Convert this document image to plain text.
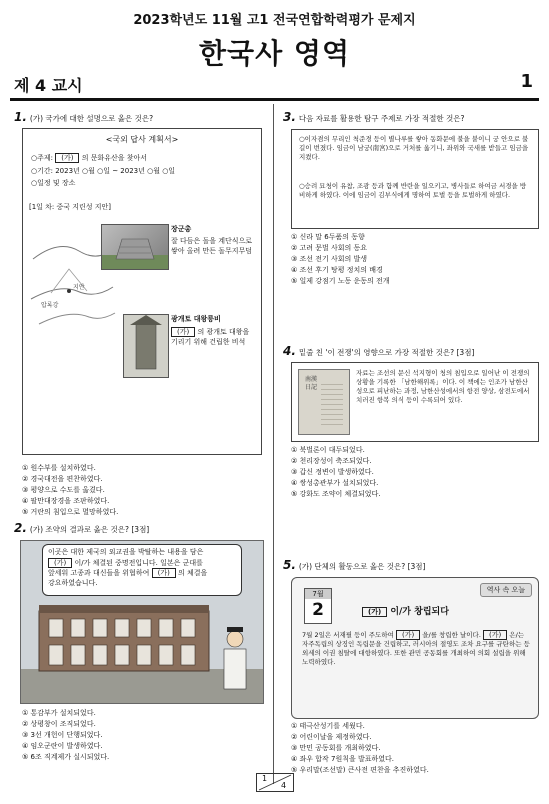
2023학년도 11월 고1 전국연합학력평가 문제지
한국사 영역
제 4 교시	1
1. (가) 국가에 대한 설명으로 옳은 것은?
<국외 답사 계획서>
○주제: (가) 의 문화유산을 찾아서
○기간: 2023년 ○월 ○일 ~ 2023년 ○월 ○일
○일정 및 장소
[1일 차: 중국 지린성 지안]
압록강
지안
장군총
잘 다듬은 돌을 계단식으로 쌓아 올려 만든 돌무지무덤
광개토 대왕릉비
(가) 의 광개토 대왕을 기리기 위해 건립한 비석
① 원수부를 설치하였다.
② 경국대전을 편찬하였다.
③ 평양으로 수도를 옮겼다.
④ 팔만대장경을 조판하였다.
⑤ 거란의 침입으로 멸망하였다.
2. (가) 조약의 결과로 옳은 것은? [3점]
이곳은 대한 제국의 외교권을 박탈하는 내용을 담은
(가) 이/가 체결된 중명전입니다. 일본은 군대를
앞세워 고종과 대신들을 위협하여 (가) 의 체결을
강요하였습니다.
① 통감부가 설치되었다.
② 상평창이 조직되었다.
③ 3선 개헌이 단행되었다.
④ 임오군란이 발생하였다.
⑤ 6조 직계제가 실시되었다.
3. 다음 자료를 활용한 탐구 주제로 가장 적절한 것은?
○이자겸의 무리인 척준경 등이 별나루를 쌓아 동화문에 불을 붙이니 궁 안으로 불길이 번졌다. 임금이 남궁(南宮)으로 거처를 옮기니, 좌위와 국새를 받들고 임금을 지켰다.
○승려 묘청이 유참, 조광 등과 함께 반란을 일으키고, 병사들로 하여금 서경을 방비하게 하였다. 이에 임금이 김부식에게 명하여 토벌 등을 토벌하게 하였다.
① 신라 말 6두품의 동향
② 고려 문벌 사회의 동요
③ 조선 전기 사회의 발생
④ 조선 후기 탕평 정치의 배경
⑤ 일제 강점기 노동 운동의 전개
4. 밑줄 친 '이 전쟁'의 영향으로 가장 적절한 것은? [3점]
南漢日記
자료는 조선의 문신 석지형이 청의 침입으로 일어난 이 전쟁의 상황을 기록한 「남한해위록」이다. 이 책에는 인조가 남한산성으로 피난하는 과정, 남한산성에서의 항전 양상, 삼전도에서 치러진 항복 의식 등이 수록되어 있다.
① 북벌론이 대두되었다.
② 천리장성이 축조되었다.
③ 갑신 정변이 발생하였다.
④ 쌍성총관부가 설치되었다.
⑤ 강화도 조약이 체결되었다.
5. (가) 단체의 활동으로 옳은 것은? [3점]
역사 속 오늘
7월
2	(가) 이/가 창립되다
7월 2일은 서재필 등이 주도하여 (가) 을/를 창립한 날이다. (가) 은/는 자주독립의 상징인 독립문을 건립하고, 러시아의 절영도 조차 요구를 규탄하는 등 외세의 이권 침탈에 대항하였다. 또한 관민 공동회를 개최하여 의회 설립을 위해 노력하였다.
① 태극산성기를 세웠다.
② 어린이날을 제정하였다.
③ 만민 공동회를 개최하였다.
④ 좌우 합작 7원칙을 발표하였다.
⑤ 우리말(조선말) 큰사전 편찬을 추진하였다.
1
4
